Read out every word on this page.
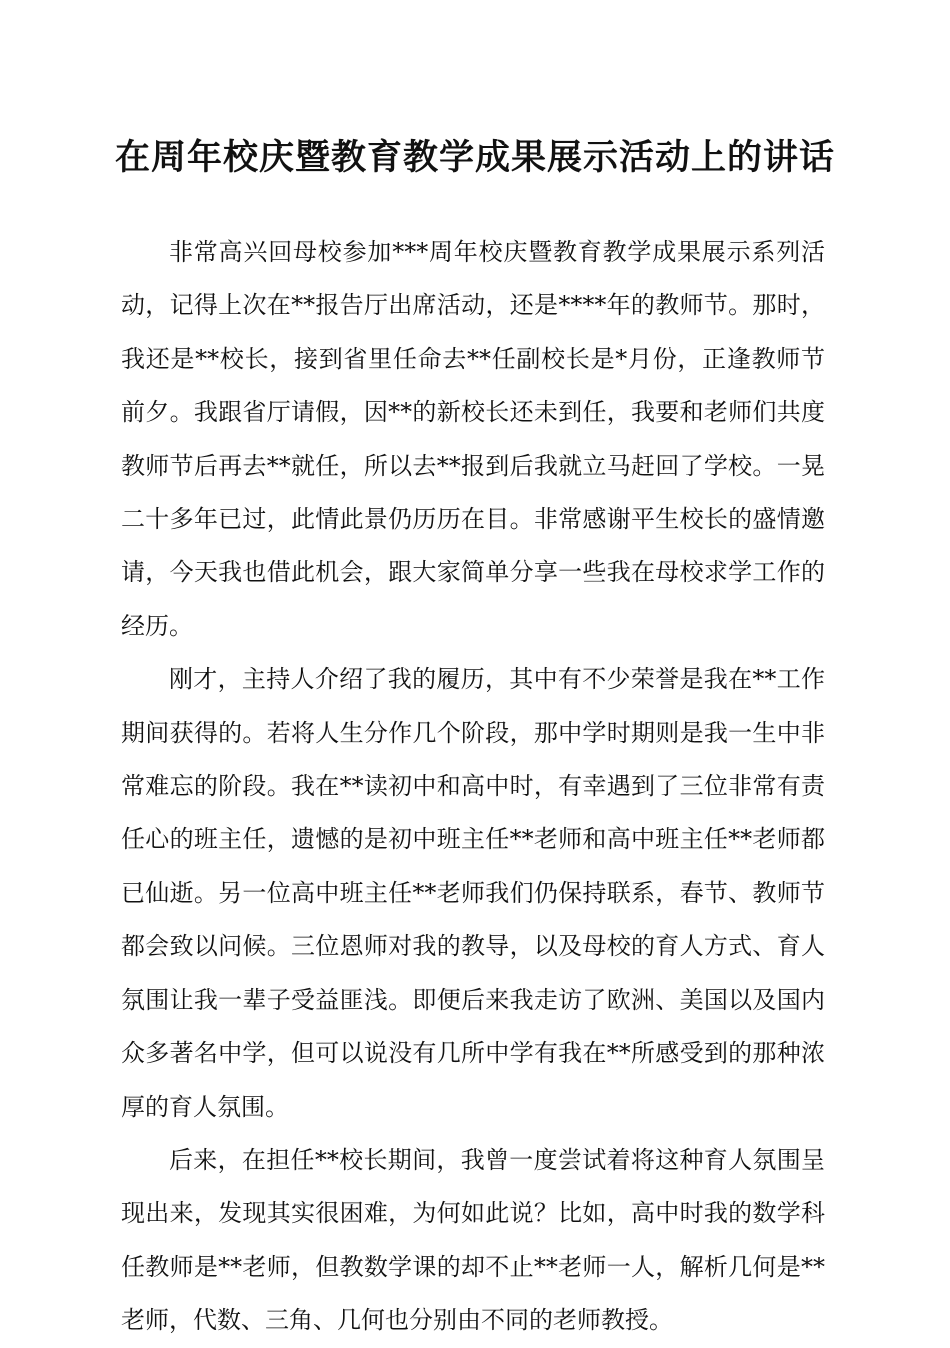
在周年校庆暨教育教学成果展示活动上的讲话

非常高兴回母校参加***周年校庆暨教育教学成果展示系列活动，记得上次在**报告厅出席活动，还是****年的教师节。那时，我还是**校长，接到省里任命去**任副校长是*月份，正逢教师节前夕。我跟省厅请假，因**的新校长还未到任，我要和老师们共度教师节后再去**就任，所以去**报到后我就立马赶回了学校。一晃二十多年已过，此情此景仍历历在目。非常感谢平生校长的盛情邀请，今天我也借此机会，跟大家简单分享一些我在母校求学工作的经历。

刚才，主持人介绍了我的履历，其中有不少荣誉是我在**工作期间获得的。若将人生分作几个阶段，那中学时期则是我一生中非常难忘的阶段。我在**读初中和高中时，有幸遇到了三位非常有责任心的班主任，遗憾的是初中班主任**老师和高中班主任**老师都已仙逝。另一位高中班主任**老师我们仍保持联系，春节、教师节都会致以问候。三位恩师对我的教导，以及母校的育人方式、育人氛围让我一辈子受益匪浅。即便后来我走访了欧洲、美国以及国内众多著名中学，但可以说没有几所中学有我在**所感受到的那种浓厚的育人氛围。

后来，在担任**校长期间，我曾一度尝试着将这种育人氛围呈现出来，发现其实很困难，为何如此说？比如，高中时我的数学科任教师是**老师，但教数学课的却不止**老师一人，解析几何是**老师，代数、三角、几何也分别由不同的老师教授。
